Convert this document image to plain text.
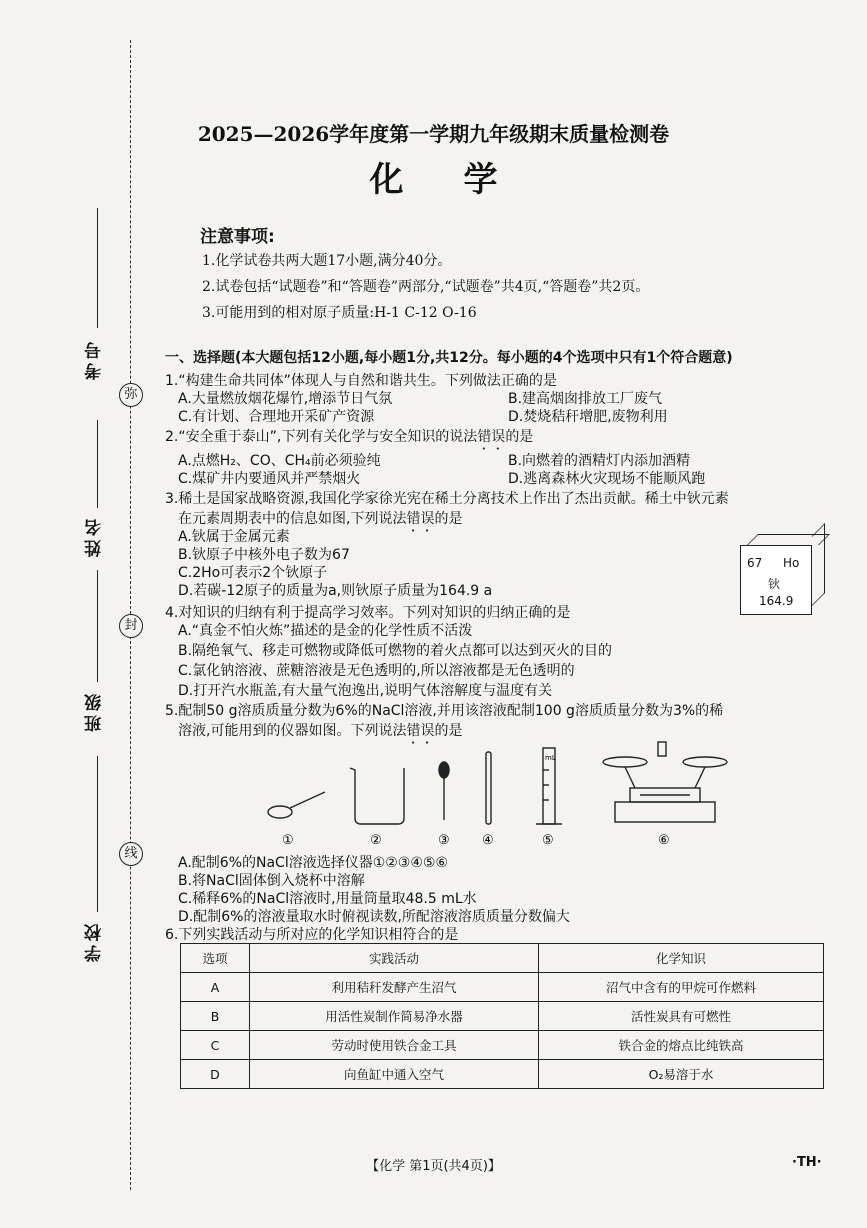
弥
封
线
考号
姓名
班级
学校
2025—2026学年度第一学期九年级期末质量检测卷
化学
注意事项:
1.化学试卷共两大题17小题,满分40分。
2.试卷包括“试题卷”和“答题卷”两部分,“试题卷”共4页,“答题卷”共2页。
3.可能用到的相对原子质量:H-1 C-12 O-16
一、选择题(本大题包括12小题,每小题1分,共12分。每小题的4个选项中只有1个符合题意)
1.“构建生命共同体”体现人与自然和谐共生。下列做法正确的是
A.大量燃放烟花爆竹,增添节日气氛	B.建高烟囱排放工厂废气
C.有计划、合理地开采矿产资源	D.焚烧秸秆增肥,废物利用
2.“安全重于泰山”,下列有关化学与安全知识的说法错误的是
A.点燃H₂、CO、CH₄前必须验纯	B.向燃着的酒精灯内添加酒精
C.煤矿井内要通风并严禁烟火	D.逃离森林火灾现场不能顺风跑
3.稀土是国家战略资源,我国化学家徐光宪在稀土分离技术上作出了杰出贡献。稀土中钬元素
在元素周期表中的信息如图,下列说法错误的是
A.钬属于金属元素
B.钬原子中核外电子数为67
C.2Ho可表示2个钬原子
D.若碳-12原子的质量为a,则钬原子质量为164.9 a
67 Ho
钬
164.9
4.对知识的归纳有利于提高学习效率。下列对知识的归纳正确的是
A.“真金不怕火炼”描述的是金的化学性质不活泼
B.隔绝氧气、移走可燃物或降低可燃物的着火点都可以达到灭火的目的
C.氯化钠溶液、蔗糖溶液是无色透明的,所以溶液都是无色透明的
D.打开汽水瓶盖,有大量气泡逸出,说明气体溶解度与温度有关
5.配制50 g溶质质量分数为6%的NaCl溶液,并用该溶液配制100 g溶质质量分数为3%的稀
溶液,可能用到的仪器如图。下列说法错误的是
mL
①	②	③ ④	⑤	⑥
A.配制6%的NaCl溶液选择仪器①②③④⑤⑥
B.将NaCl固体倒入烧杯中溶解
C.稀释6%的NaCl溶液时,用量筒量取48.5 mL水
D.配制6%的溶液量取水时俯视读数,所配溶液溶质质量分数偏大
6.下列实践活动与所对应的化学知识相符合的是
选项	实践活动	化学知识
A	利用秸秆发酵产生沼气	沼气中含有的甲烷可作燃料
B	用活性炭制作简易净水器	活性炭具有可燃性
C	劳动时使用铁合金工具	铁合金的熔点比纯铁高
D	向鱼缸中通入空气	O₂易溶于水
【化学 第1页(共4页)】	·TH·
